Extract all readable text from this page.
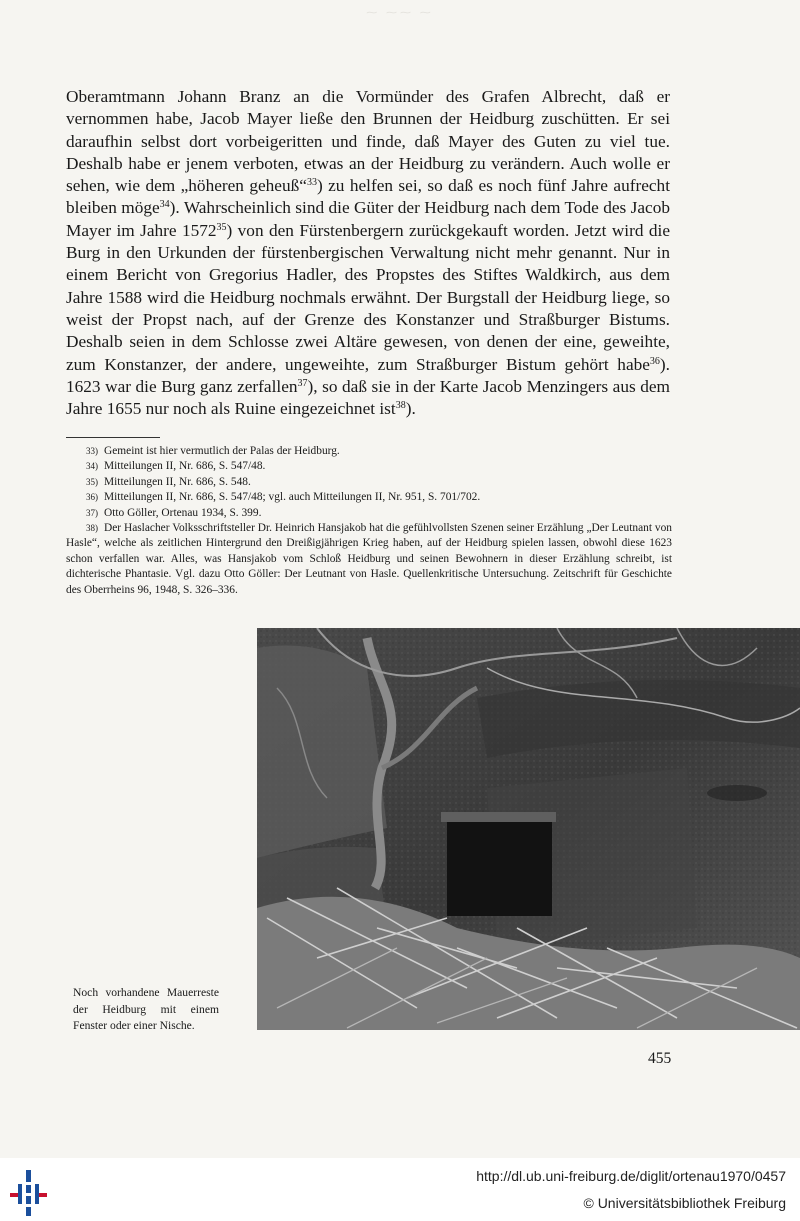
⁓ ⁓⁓ ⁓

Oberamtmann Johann Branz an die Vormünder des Grafen Albrecht, daß er vernommen habe, Jacob Mayer ließe den Brunnen der Heidburg zuschütten. Er sei daraufhin selbst dort vorbeigeritten und finde, daß Mayer des Guten zu viel tue. Deshalb habe er jenem verboten, etwas an der Heidburg zu verändern. Auch wolle er sehen, wie dem „höheren geheuß“$^{33}$) zu helfen sei, so daß es noch fünf Jahre aufrecht bleiben möge$^{34}$). Wahrscheinlich sind die Güter der Heidburg nach dem Tode des Jacob Mayer im Jahre 1572$^{35}$) von den Fürstenbergern zurückgekauft worden. Jetzt wird die Burg in den Urkunden der fürstenbergischen Verwaltung nicht mehr genannt. Nur in einem Bericht von Gregorius Hadler, des Propstes des Stiftes Waldkirch, aus dem Jahre 1588 wird die Heidburg nochmals erwähnt. Der Burgstall der Heidburg liege, so weist der Propst nach, auf der Grenze des Konstanzer und Straßburger Bistums. Deshalb seien in dem Schlosse zwei Altäre gewesen, von denen der eine, geweihte, zum Konstanzer, der andere, ungeweihte, zum Straßburger Bistum gehört habe$^{36}$). 1623 war die Burg ganz zerfallen$^{37}$), so daß sie in der Karte Jacob Menzingers aus dem Jahre 1655 nur noch als Ruine eingezeichnet ist$^{38}$).

33) Gemeint ist hier vermutlich der Palas der Heidburg.
34) Mitteilungen II, Nr. 686, S. 547/48.
35) Mitteilungen II, Nr. 686, S. 548.
36) Mitteilungen II, Nr. 686, S. 547/48; vgl. auch Mitteilungen II, Nr. 951, S. 701/702.
37) Otto Göller, Ortenau 1934, S. 399.

38) Der Haslacher Volksschriftsteller Dr. Heinrich Hansjakob hat die gefühlvollsten Szenen seiner Erzählung „Der Leutnant von Hasle“, welche als zeitlichen Hintergrund den Dreißigjährigen Krieg haben, auf der Heidburg spielen lassen, obwohl diese 1623 schon verfallen war. Alles, was Hansjakob vom Schloß Heidburg und seinen Bewohnern in dieser Erzählung schreibt, ist dichterische Phantasie. Vgl. dazu Otto Göller: Der Leutnant von Hasle. Quellenkritische Untersuchung. Zeitschrift für Geschichte des Oberrheins 96, 1948, S. 326–336.

Noch vorhandene Mauerreste
der Heidburg mit einem
Fenster oder einer Nische.

455
http://dl.ub.uni-freiburg.de/diglit/ortenau1970/0457
© Universitätsbibliothek Freiburg
